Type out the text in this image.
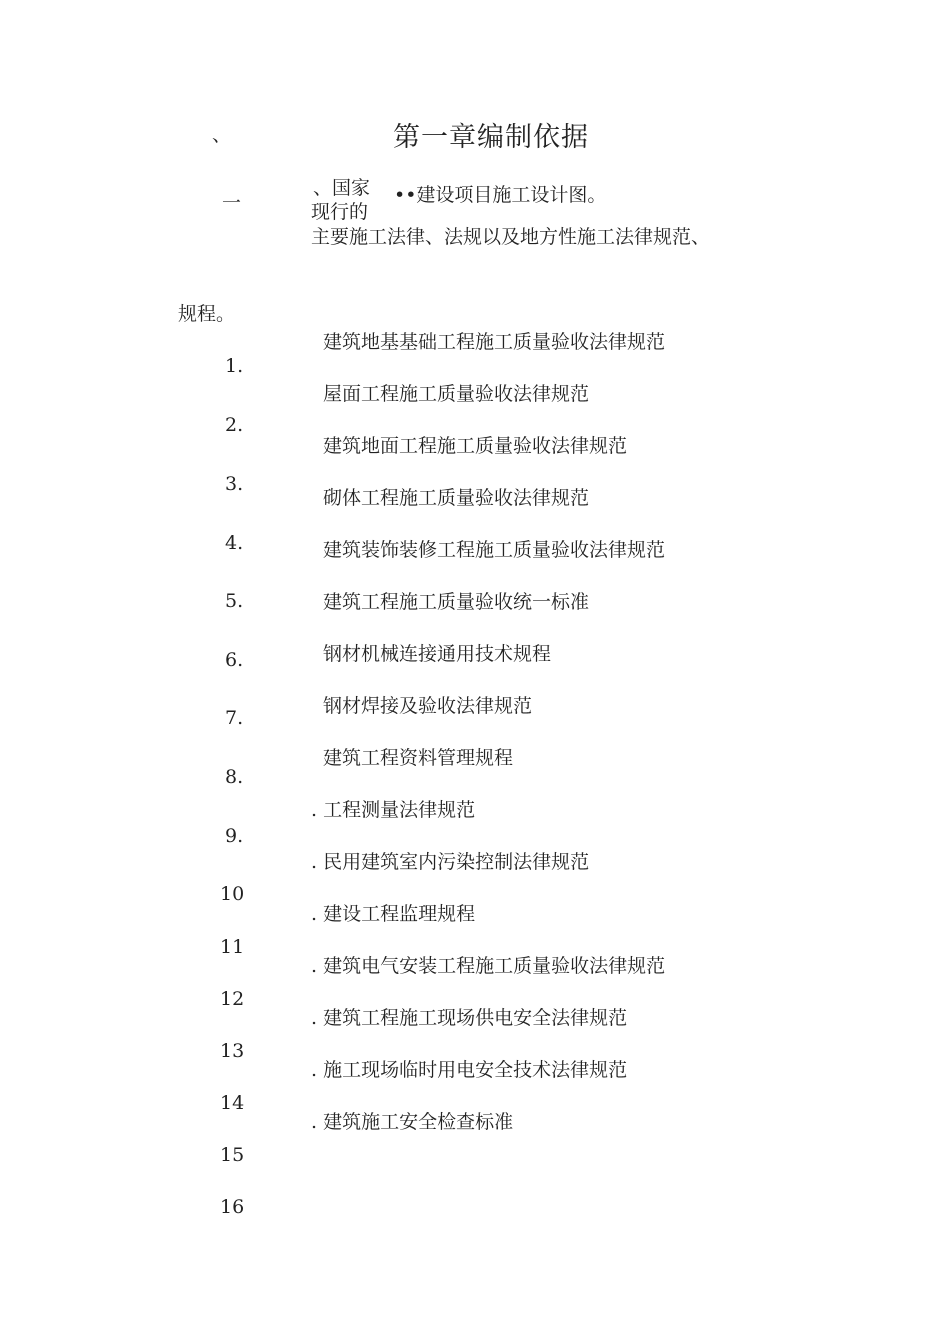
、	第一章编制依据
一
、国家
现行的
••建设项目施工设计图。
主要施工法律、法规以及地方性施工法律规范、
规程。
1.
2.
3.
4.
5.
6.
7.
8.
9.
10
11
12
13
14
15
16
建筑地基基础工程施工质量验收法律规范
屋面工程施工质量验收法律规范
建筑地面工程施工质量验收法律规范
砌体工程施工质量验收法律规范
建筑装饰装修工程施工质量验收法律规范
建筑工程施工质量验收统一标准
钢材机械连接通用技术规程
钢材焊接及验收法律规范
建筑工程资料管理规程
. 工程测量法律规范
. 民用建筑室内污染控制法律规范
. 建设工程监理规程
. 建筑电气安装工程施工质量验收法律规范
. 建筑工程施工现场供电安全法律规范
. 施工现场临时用电安全技术法律规范
. 建筑施工安全检查标准
